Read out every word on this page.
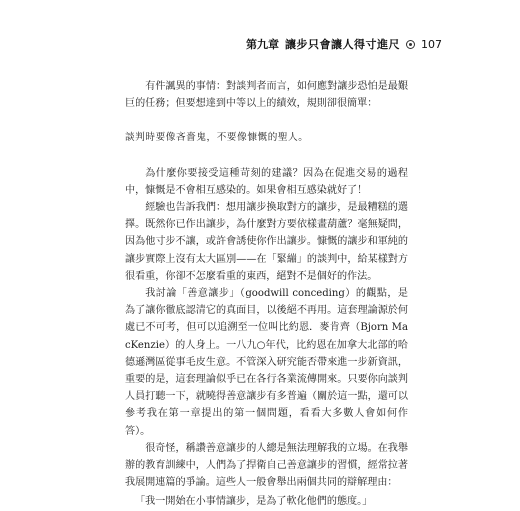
第九章 讓步只會讓人得寸進尺 107

有件諷異的事情：對談判者而言，如何應對讓步恐怕是最艱巨的任務；但要想達到中等以上的績效，規則卻很簡單：

談判時要像吝嗇鬼，不要像慷慨的聖人。

為什麼你要接受這種苛刻的建議？因為在促進交易的過程中，慷慨是不會相互感染的。如果會相互感染就好了！

經驗也告訴我們：想用讓步換取對方的讓步，是最糟糕的選擇。既然你已作出讓步，為什麼對方要依樣畫葫蘆？毫無疑問，因為他寸步不讓，或許會誘使你作出讓步。慷慨的讓步和軍純的讓步實際上沒有太大區別——在「緊繃」的談判中，給某樣對方很看重，你卻不怎麼看重的東西，絕對不是個好的作法。

我討論「善意讓步」（goodwill conceding）的觀點，是為了讓你徹底認清它的真面目，以後絕不再用。這套理論源於何處已不可考，但可以追溯至一位叫比約恩．麥肯齊（Bjorn MacKenzie）的人身上。一八九○年代，比約恩在加拿大北部的哈德遜灣區從事毛皮生意。不管深入研究能否帶來進一步新資訊，重要的是，這套理論似乎已在各行各業流傳開來。只要你向談判人員打聽一下，就曉得善意讓步有多普遍（關於這一點，還可以參考我在第一章提出的第一個問題，看看大多數人會如何作答）。

很奇怪，稱讚善意讓步的人總是無法理解我的立場。在我舉辦的教育訓練中，人們為了捍衛自己善意讓步的習慣，經常拉著我展開連篇的爭論。這些人一般會舉出兩個共同的辯解理由：

「我一開始在小事情讓步，是為了軟化他們的態度。」
